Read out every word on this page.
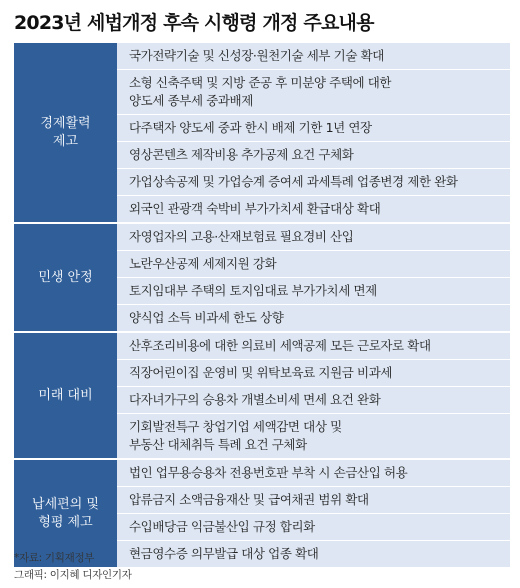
2023년 세법개정 후속 시행령 개정 주요내용
경제활력
제고
국가전략기술 및 신성장·원천기술 세부 기술 확대
소형 신축주택 및 지방 준공 후 미분양 주택에 대한
양도세 종부세 중과배제
다주택자 양도세 중과 한시 배제 기한 1년 연장
영상콘텐츠 제작비용 추가공제 요건 구체화
가업상속공제 및 가업승계 증여세 과세특례 업종변경 제한 완화
외국인 관광객 숙박비 부가가치세 환급대상 확대
민생 안정
자영업자의 고용·산재보험료 필요경비 산입
노란우산공제 세제지원 강화
토지임대부 주택의 토지임대료 부가가치세 면제
양식업 소득 비과세 한도 상향
미래 대비
산후조리비용에 대한 의료비 세액공제 모든 근로자로 확대
직장어린이집 운영비 및 위탁보육료 지원금 비과세
다자녀가구의 승용차 개별소비세 면세 요건 완화
기회발전특구 창업기업 세액감면 대상 및
부동산 대체취득 특례 요건 구체화
납세편의 및
형평 제고
법인 업무용승용차 전용번호판 부착 시 손금산입 허용
압류금지 소액금융재산 및 급여채권 범위 확대
수입배당금 익금불산입 규정 합리화
현금영수증 의무발급 대상 업종 확대
*자료: 기획재정부
그래픽: 이지혜 디자인기자
